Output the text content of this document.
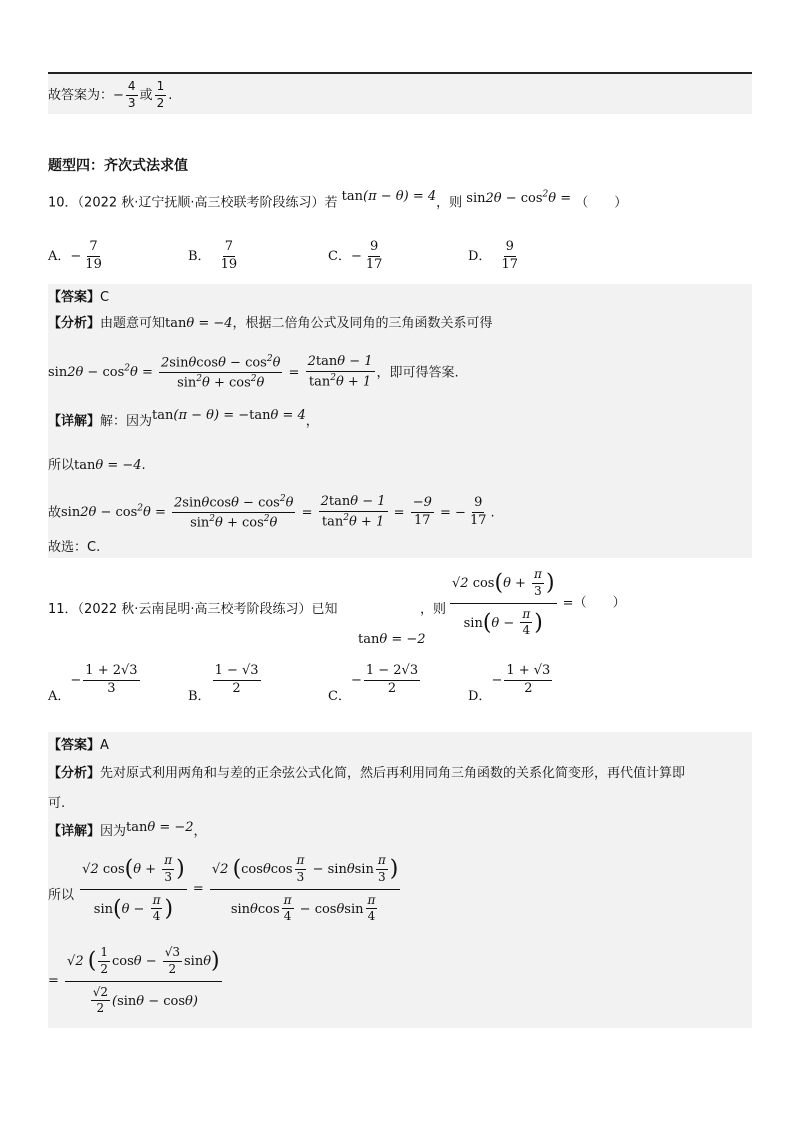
故答案为：− $\frac{4}{3}$ 或 $\frac{1}{2}$ .
题型四：齐次式法求值
10．（2022 秋·辽宁抚顺·高三校联考阶段练习）若 tan(π − θ) = 4，则 $\sin 2\theta - \cos^2\theta$ = （　　）
A．− $\frac{7}{19}$	B． $\frac{7}{19}$	C．− $\frac{9}{17}$	D． $\frac{9}{17}$
【答案】C
【分析】由题意可知tanθ = −4，根据二倍角公式及同角的三角函数关系可得
$\sin 2\theta - \cos^2\theta = \frac{2\sin\theta\cos\theta - \cos^2\theta}{\sin^2\theta + \cos^2\theta} = \frac{2\tan\theta - 1}{\tan^2\theta + 1}$ ，即可得答案.
【详解】解：因为tan(π − θ) = −tanθ = 4，
所以tanθ = −4.
故$\sin 2\theta - \cos^2\theta = \frac{2\sin\theta\cos\theta - \cos^2\theta}{\sin^2\theta + \cos^2\theta} = \frac{2\tan\theta - 1}{\tan^2\theta + 1} = \frac{-9}{17}$ = − $\frac{9}{17}$ .
故选：C.
11．（2022 秋·云南昆明·高三校考阶段练习）已知
tanθ = −2
，则 $\frac{√2 \cos(\theta + \frac{\pi}{3} )}{\sin(\theta - \frac{\pi}{4} )}$ =（　　）
A．− $\frac{1 + 2√3}{3}$	B． $\frac{1 - √3}{2}$	C．− $\frac{1 - 2√3}{2}$	D．− $\frac{1 + √3}{2}$
【答案】A
【分析】先对原式利用两角和与差的正余弦公式化简，然后再利用同角三角函数的关系化简变形，再代值计算即
可.
【详解】因为tanθ = −2，
所以 $\frac{√2 \cos(\theta + \frac{\pi}{3} )}{\sin(\theta - \frac{\pi}{4} )} = \frac{√2 (\cos\theta\cos \frac{\pi}{3} - \sin\theta\sin \frac{\pi}{3} )}{\sin\theta\cos \frac{\pi}{4} - \cos\theta\sin \frac{\pi}{4}}$
= $\frac{√2 ( \frac{1}{2} \cos\theta - \frac{√3}{2} \sin\theta)}{\frac{√2}{2} (\sin\theta - \cos\theta)}$
